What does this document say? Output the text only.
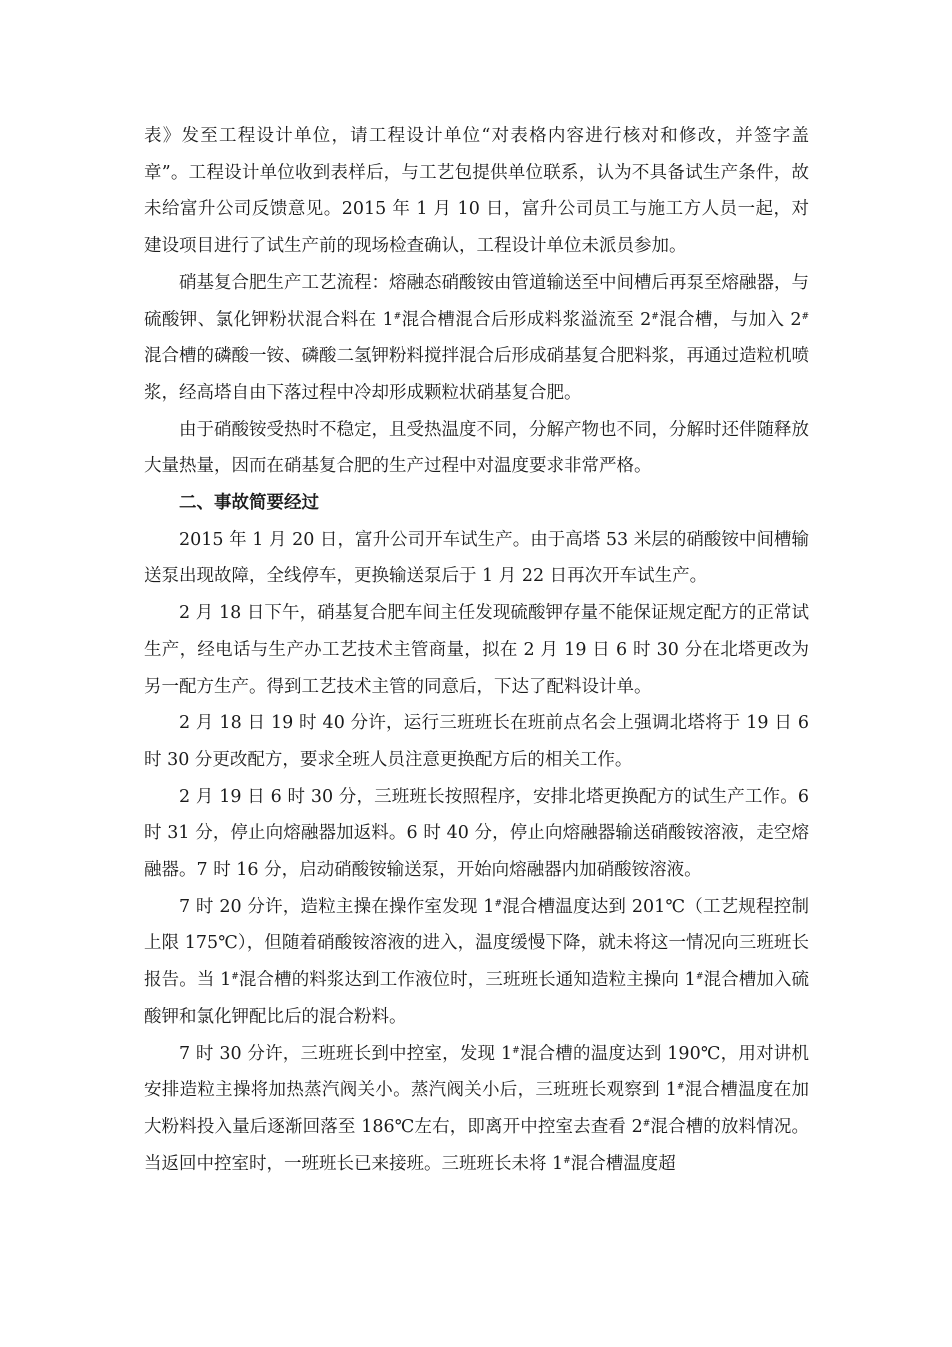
表》发至工程设计单位，请工程设计单位“对表格内容进行核对和修改，并签字盖章”。工程设计单位收到表样后，与工艺包提供单位联系，认为不具备试生产条件，故未给富升公司反馈意见。2015 年 1 月 10 日，富升公司员工与施工方人员一起，对建设项目进行了试生产前的现场检查确认，工程设计单位未派员参加。

硝基复合肥生产工艺流程：熔融态硝酸铵由管道输送至中间槽后再泵至熔融器，与硫酸钾、氯化钾粉状混合料在 1#混合槽混合后形成料浆溢流至 2#混合槽，与加入 2#混合槽的磷酸一铵、磷酸二氢钾粉料搅拌混合后形成硝基复合肥料浆，再通过造粒机喷浆，经高塔自由下落过程中冷却形成颗粒状硝基复合肥。

由于硝酸铵受热时不稳定，且受热温度不同，分解产物也不同，分解时还伴随释放大量热量，因而在硝基复合肥的生产过程中对温度要求非常严格。

二、事故简要经过

2015 年 1 月 20 日，富升公司开车试生产。由于高塔 53 米层的硝酸铵中间槽输送泵出现故障，全线停车，更换输送泵后于 1 月 22 日再次开车试生产。

2 月 18 日下午，硝基复合肥车间主任发现硫酸钾存量不能保证规定配方的正常试生产，经电话与生产办工艺技术主管商量，拟在 2 月 19 日 6 时 30 分在北塔更改为另一配方生产。得到工艺技术主管的同意后，下达了配料设计单。

2 月 18 日 19 时 40 分许，运行三班班长在班前点名会上强调北塔将于 19 日 6 时 30 分更改配方，要求全班人员注意更换配方后的相关工作。

2 月 19 日 6 时 30 分，三班班长按照程序，安排北塔更换配方的试生产工作。6 时 31 分，停止向熔融器加返料。6 时 40 分，停止向熔融器输送硝酸铵溶液，走空熔融器。7 时 16 分，启动硝酸铵输送泵，开始向熔融器内加硝酸铵溶液。

7 时 20 分许，造粒主操在操作室发现 1#混合槽温度达到 201℃（工艺规程控制上限 175℃），但随着硝酸铵溶液的进入，温度缓慢下降，就未将这一情况向三班班长报告。当 1#混合槽的料浆达到工作液位时，三班班长通知造粒主操向 1#混合槽加入硫酸钾和氯化钾配比后的混合粉料。

7 时 30 分许，三班班长到中控室，发现 1#混合槽的温度达到 190℃，用对讲机安排造粒主操将加热蒸汽阀关小。蒸汽阀关小后，三班班长观察到 1#混合槽温度在加大粉料投入量后逐渐回落至 186℃左右，即离开中控室去查看 2#混合槽的放料情况。当返回中控室时，一班班长已来接班。三班班长未将 1#混合槽温度超
